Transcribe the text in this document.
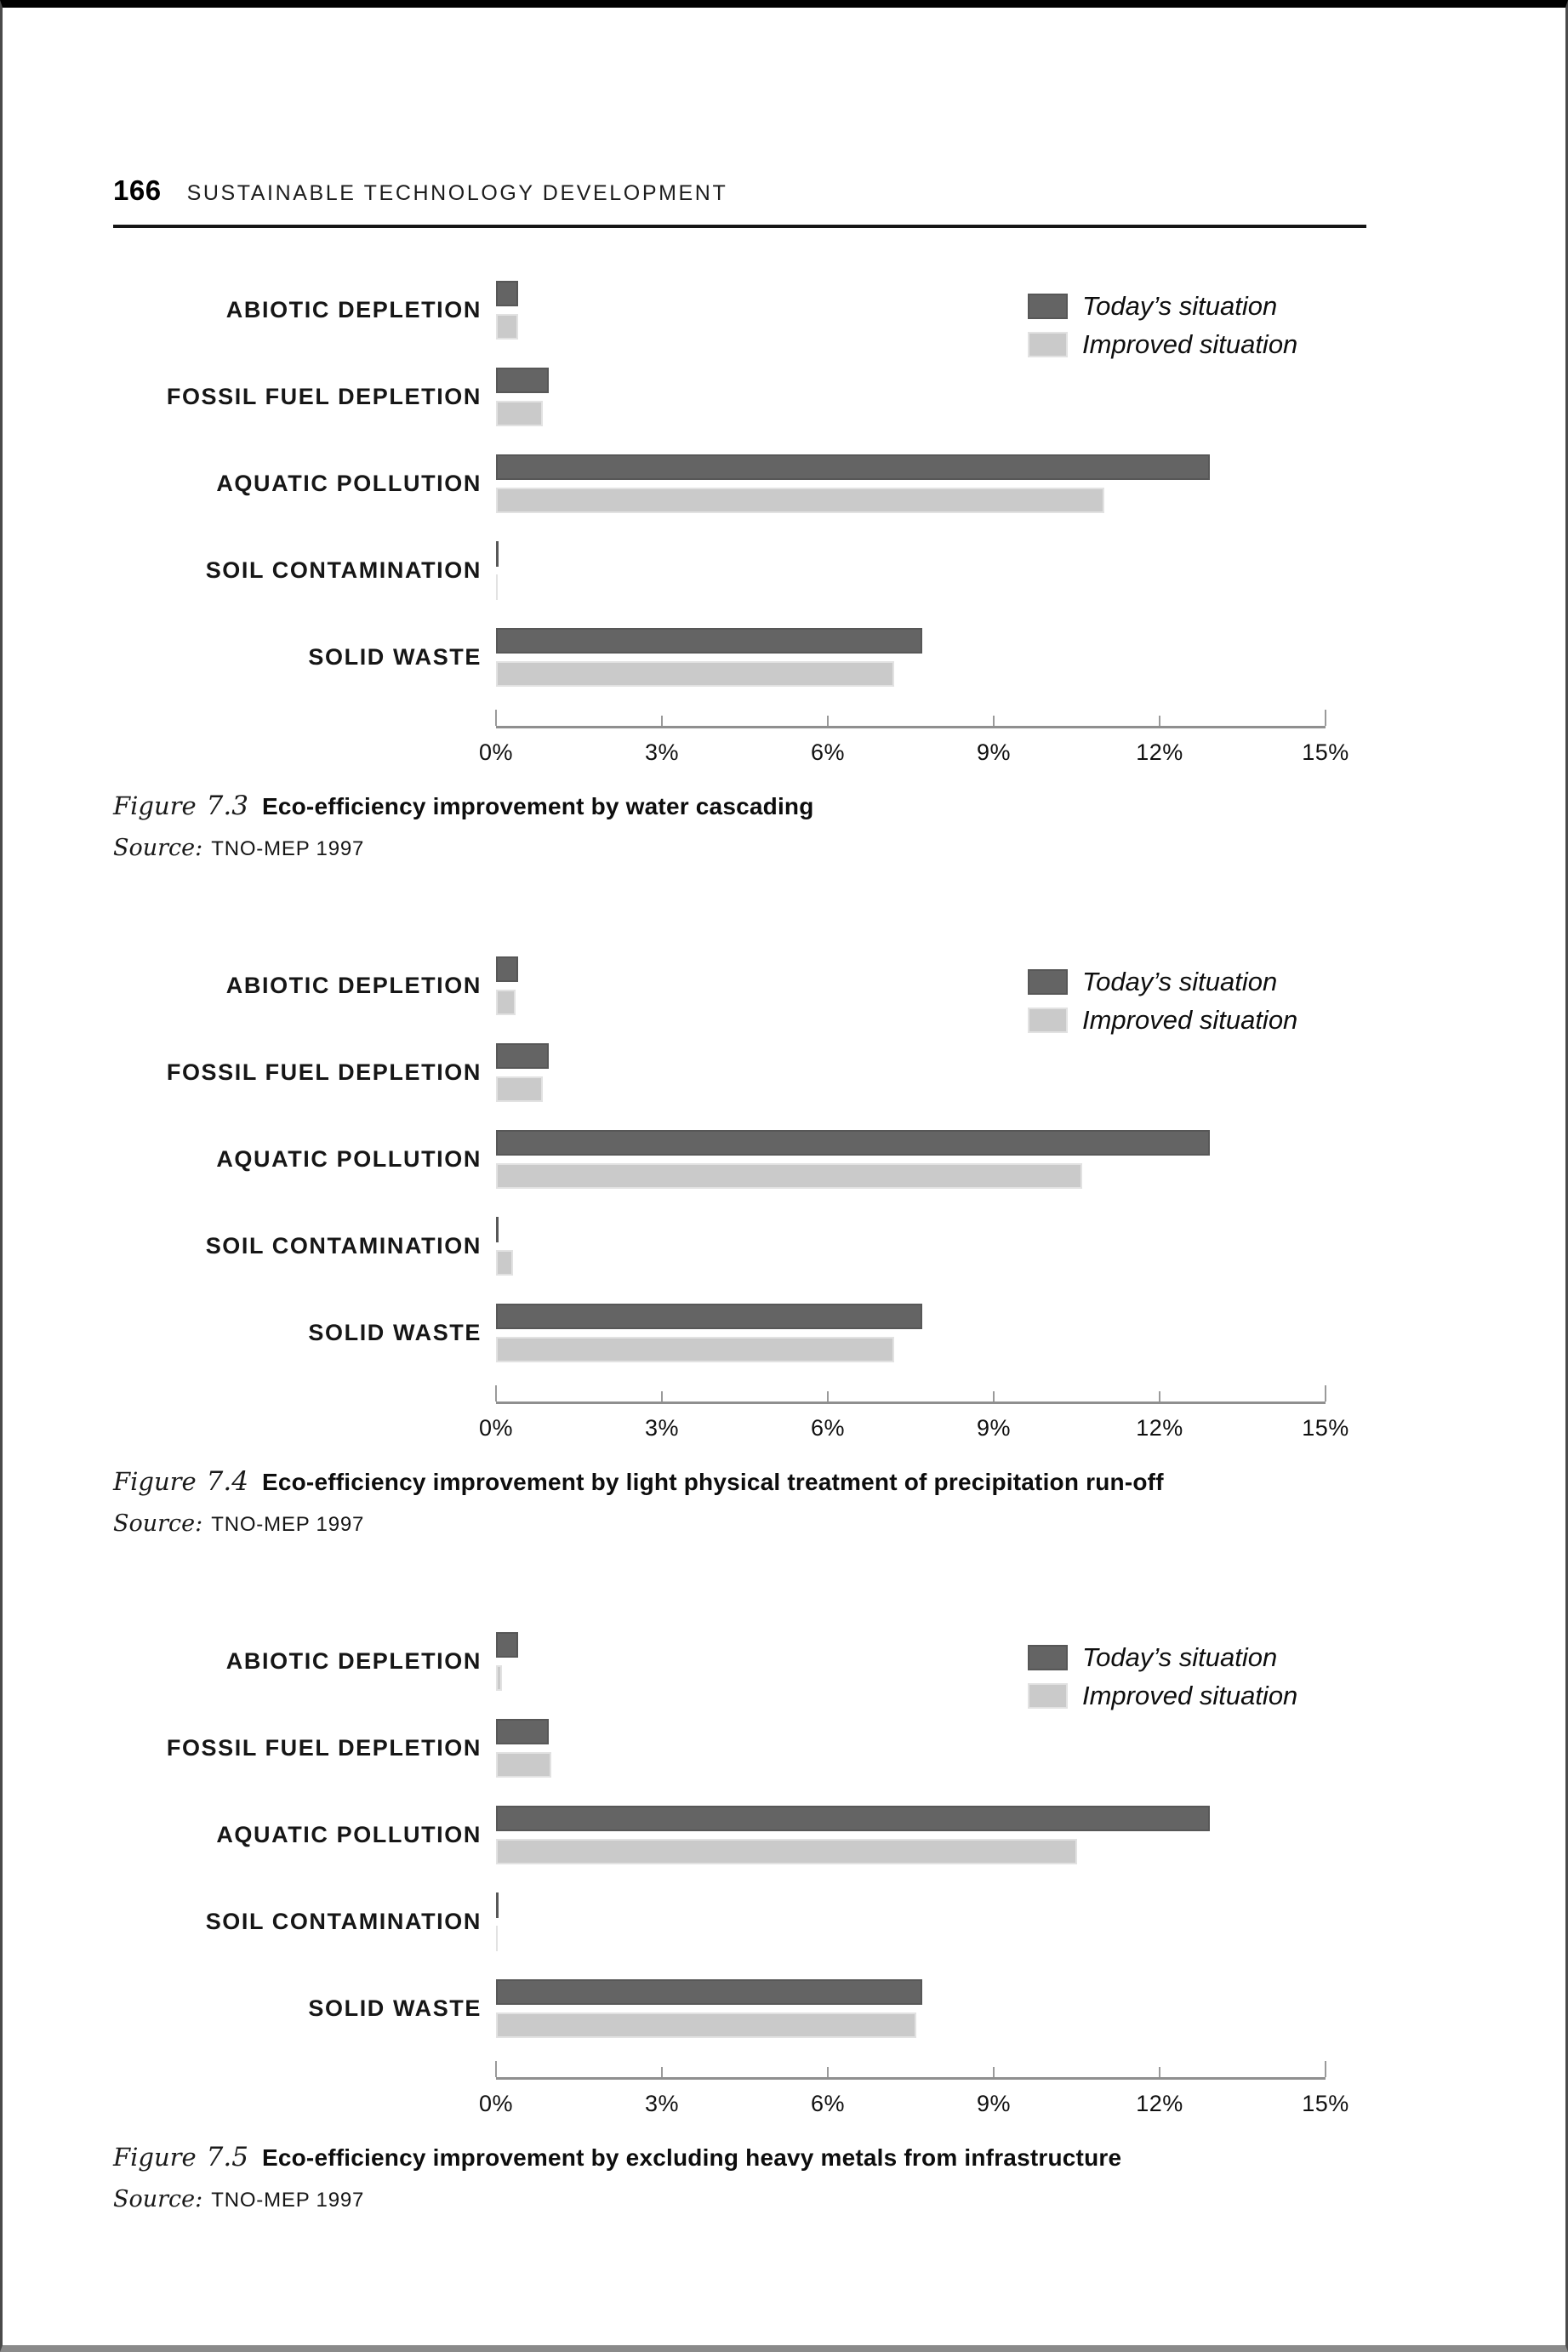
166 SUSTAINABLE TECHNOLOGY DEVELOPMENT
ABIOTIC DEPLETION
FOSSIL FUEL DEPLETION
AQUATIC POLLUTION
SOIL CONTAMINATION
SOLID WASTE
0%	3%	6%	9%	12%	15%
Today’s situation
Improved situation

Figure 7.3 Eco-efficiency improvement by water cascading

Source: TNO-MEP 1997

ABIOTIC DEPLETION
FOSSIL FUEL DEPLETION
AQUATIC POLLUTION
SOIL CONTAMINATION
SOLID WASTE
0%	3%	6%	9%	12%	15%
Today’s situation
Improved situation

Figure 7.4 Eco-efficiency improvement by light physical treatment of precipitation run-off

Source: TNO-MEP 1997

ABIOTIC DEPLETION
FOSSIL FUEL DEPLETION
AQUATIC POLLUTION
SOIL CONTAMINATION
SOLID WASTE
0%	3%	6%	9%	12%	15%
Today’s situation
Improved situation

Figure 7.5 Eco-efficiency improvement by excluding heavy metals from infrastructure

Source: TNO-MEP 1997
